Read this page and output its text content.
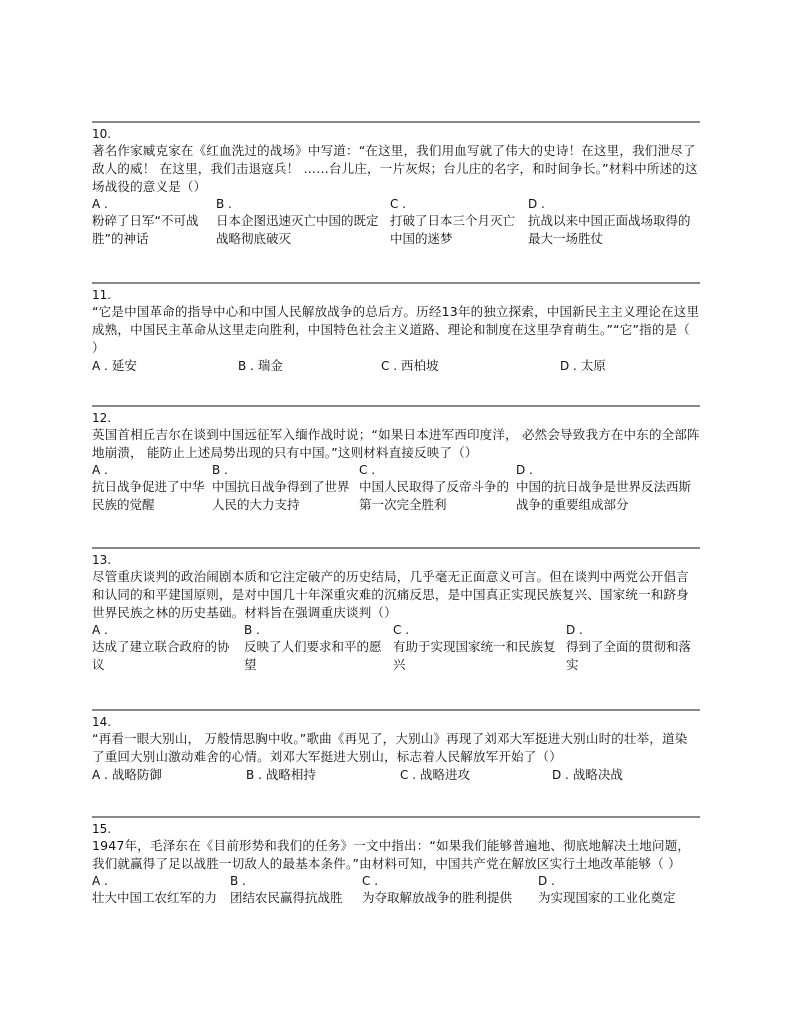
10.
著名作家臧克家在《红血洗过的战场》中写道：“在这里，我们用血写就了伟大的史诗！在这里，我们泄尽了敌人的威！ 在这里，我们击退寇兵！ ……台儿庄，一片灰烬；台儿庄的名字，和时间争长。”材料中所述的这场战役的意义是（）
A .
粉碎了日军“不可战胜”的神话
B .
日本企图迅速灭亡中国的既定战略彻底破灭
C .
打破了日本三个月灭亡中国的迷梦
D .
抗战以来中国正面战场取得的最大一场胜仗
11.
“它是中国革命的指导中心和中国人民解放战争的总后方。历经13年的独立探索，中国新民主主义理论在这里成熟，中国民主革命从这里走向胜利，中国特色社会主义道路、理论和制度在这里孕育萌生。”“它”指的是（ ）
A . 延安	B . 瑞金	C . 西柏坡	D . 太原
12.
英国首相丘吉尔在谈到中国远征军入缅作战时说；“如果日本进军西印度洋， 必然会导致我方在中东的全部阵地崩溃， 能防止上述局势出现的只有中国。”这则材料直接反映了（）
A .
抗日战争促进了中华民族的觉醒
B .
中国抗日战争得到了世界人民的大力支持
C .
中国人民取得了反帝斗争的第一次完全胜利
D .
中国的抗日战争是世界反法西斯战争的重要组成部分
13.
尽管重庆谈判的政治闹剧本质和它注定破产的历史结局，几乎毫无正面意义可言。但在谈判中两党公开倡言和认同的和平建国原则，是对中国几十年深重灾难的沉痛反思，是中国真正实现民族复兴、国家统一和跻身世界民族之林的历史基础。材料旨在强调重庆谈判（）
A .
达成了建立联合政府的协议
B .
反映了人们要求和平的愿望
C .
有助于实现国家统一和民族复兴
D .
得到了全面的贯彻和落实
14.
“再看一眼大别山， 万般情思胸中收。”歌曲《再见了，大别山》再现了刘邓大军挺进大别山时的壮举，道染了重回大别山激动难舍的心情。刘邓大军挺进大别山，标志着人民解放军开始了（）
A . 战略防御	B . 战略相持	C . 战略进攻	D . 战略决战
15.
1947年，毛泽东在《目前形势和我们的任务》一文中指出：“如果我们能够普遍地、彻底地解决土地问题，我们就赢得了足以战胜一切敌人的最基本条件。”由材料可知，中国共产党在解放区实行土地改革能够（ ）
A .
壮大中国工农红军的力
B .
团结农民赢得抗战胜
C .
为夺取解放战争的胜利提供
D .
为实现国家的工业化奠定
